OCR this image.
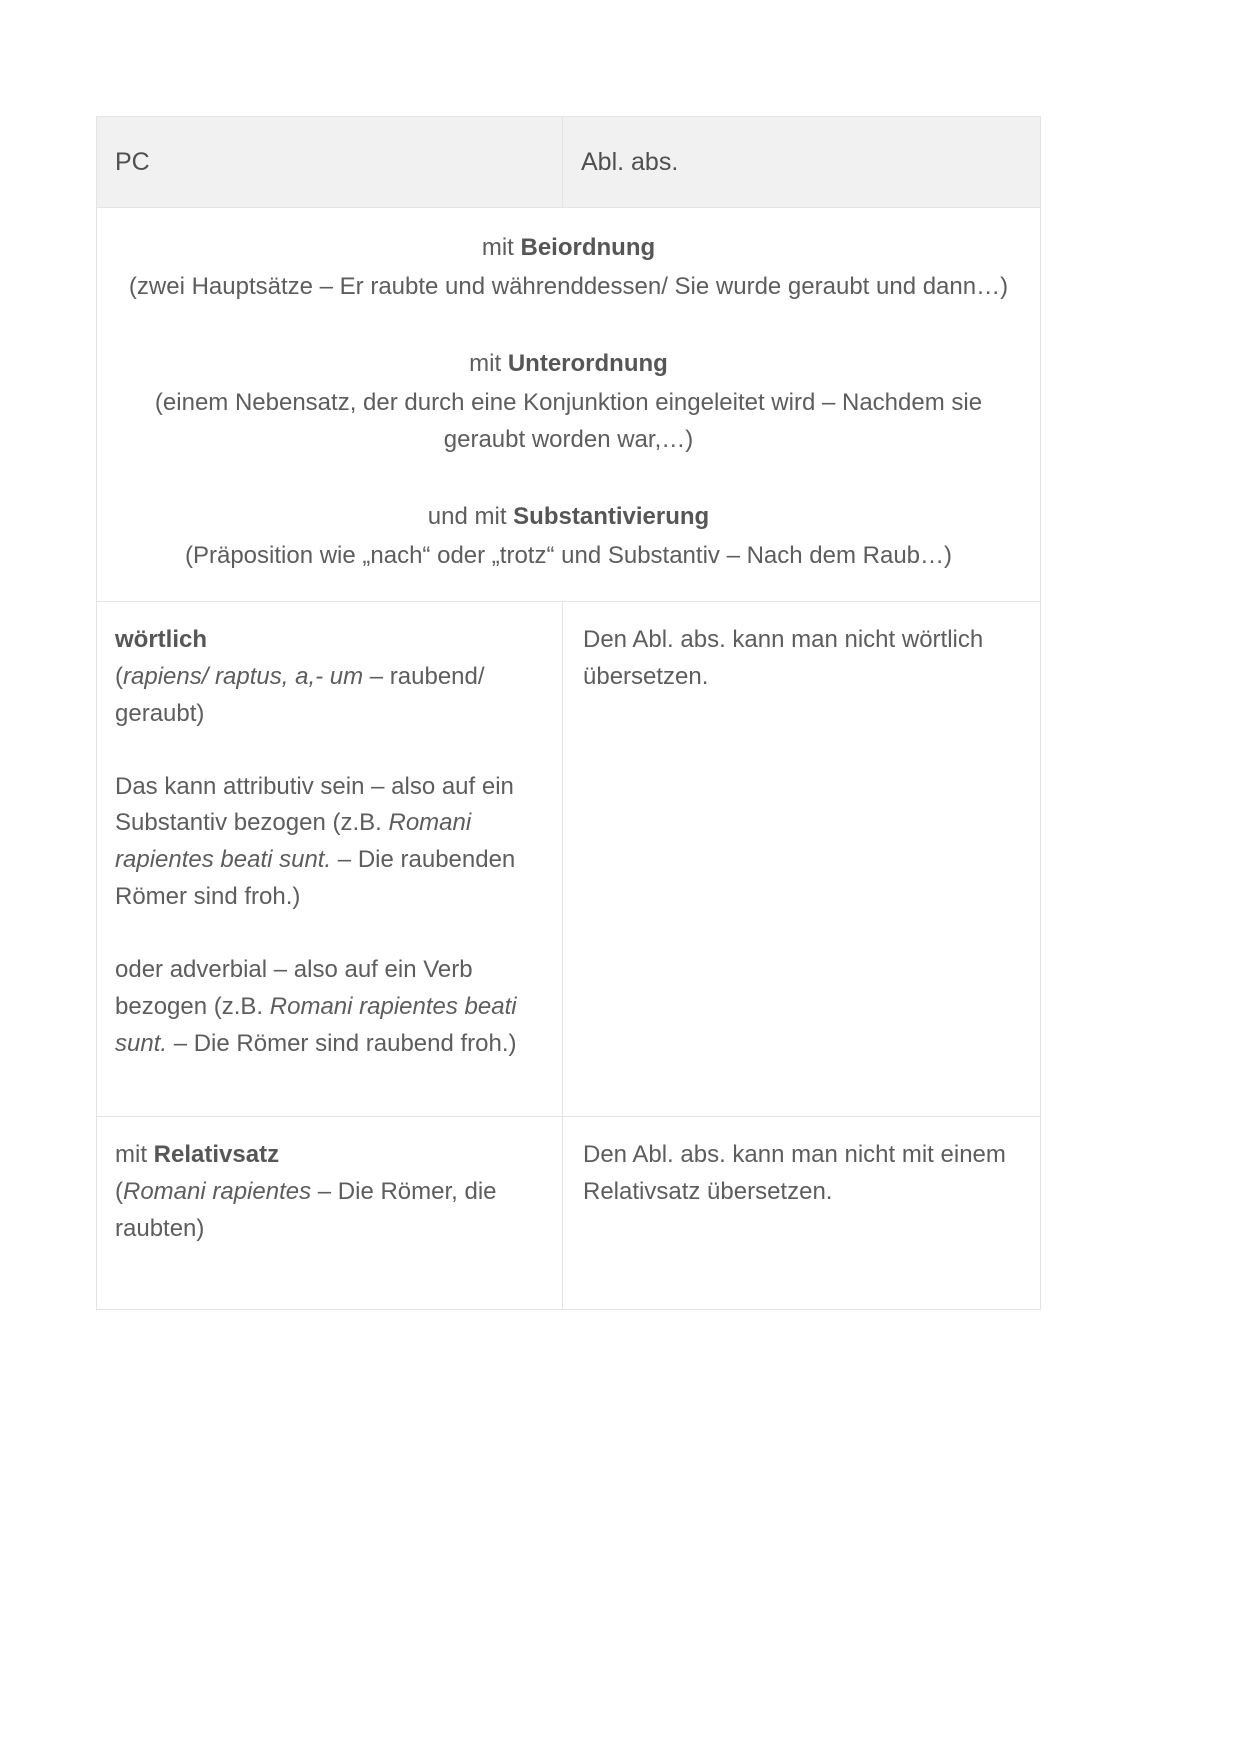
PC	Abl. abs.

mit Beiordnung
(zwei Hauptsätze – Er raubte und währenddessen/ Sie wurde geraubt und dann…)
mit Unterordnung
(einem Nebensatz, der durch eine Konjunktion eingeleitet wird – Nachdem sie geraubt worden war,…)
und mit Substantivierung
(Präposition wie „nach“ oder „trotz“ und Substantiv – Nach dem Raub…)

wörtlich
(rapiens/ raptus, a,- um – raubend/ geraubt)
Das kann attributiv sein – also auf ein Substantiv bezogen (z.B. Romani rapientes beati sunt. – Die raubenden Römer sind froh.)
oder adverbial – also auf ein Verb bezogen (z.B. Romani rapientes beati sunt. – Die Römer sind raubend froh.)	Den Abl. abs. kann man nicht wörtlich übersetzen.

mit Relativsatz
(Romani rapientes – Die Römer, die raubten)	Den Abl. abs. kann man nicht mit einem Relativsatz übersetzen.
